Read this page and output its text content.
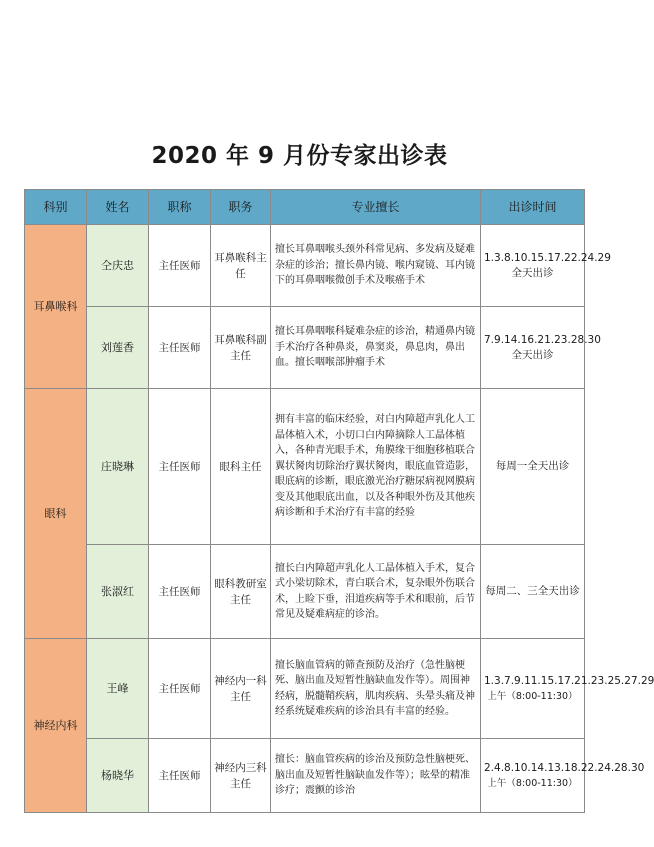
2020 年 9 月份专家出诊表
科别	姓名	职称	职务	专业擅长	出诊时间
耳鼻喉科	仝庆忠	主任医师	耳鼻喉科主任	擅长耳鼻咽喉头颈外科常见病、多发病及疑难杂症的诊治；擅长鼻内镜、喉内窥镜、耳内镜下的耳鼻咽喉微创手术及喉癌手术	1.3.8.10.15.17.22.24.29 全天出诊
	刘莲香	主任医师	耳鼻喉科副主任	擅长耳鼻咽喉科疑难杂症的诊治，精通鼻内镜手术治疗各种鼻炎，鼻窦炎，鼻息肉，鼻出血。擅长咽喉部肿瘤手术	7.9.14.16.21.23.28.30 全天出诊
眼科	庄晓琳	主任医师	眼科主任	拥有丰富的临床经验，对白内障超声乳化人工晶体植入术，小切口白内障摘除人工晶体植入，各种青光眼手术，角膜缘干细胞移植联合翼状胬肉切除治疗翼状胬肉，眼底血管造影，眼底病的诊断，眼底激光治疗糖尿病视网膜病变及其他眼底出血，以及各种眼外伤及其他疾病诊断和手术治疗有丰富的经验	每周一全天出诊
	张淑红	主任医师	眼科教研室主任	擅长白内障超声乳化人工晶体植入手术，复合式小梁切除术，青白联合术，复杂眼外伤联合术，上睑下垂，泪道疾病等手术和眼前，后节常见及疑难病症的诊治。	每周二、三全天出诊
神经内科	王峰	主任医师	神经内一科主任	擅长脑血管病的筛查预防及治疗（急性脑梗死、脑出血及短暂性脑缺血发作等）。周围神经病，脱髓鞘疾病，肌肉疾病、头晕头痛及神经系统疑难疾病的诊治具有丰富的经验。	1.3.7.9.11.15.17.21.23.25.27.29
上午（8:00-11:30）

	杨晓华	主任医师	神经内三科主任	擅长：脑血管疾病的诊治及预防急性脑梗死、脑出血及短暂性脑缺血发作等）；眩晕的精准诊疗；震颤的诊治	2.4.8.10.14.13.18.22.24.28.30
上午（8:00-11:30）
